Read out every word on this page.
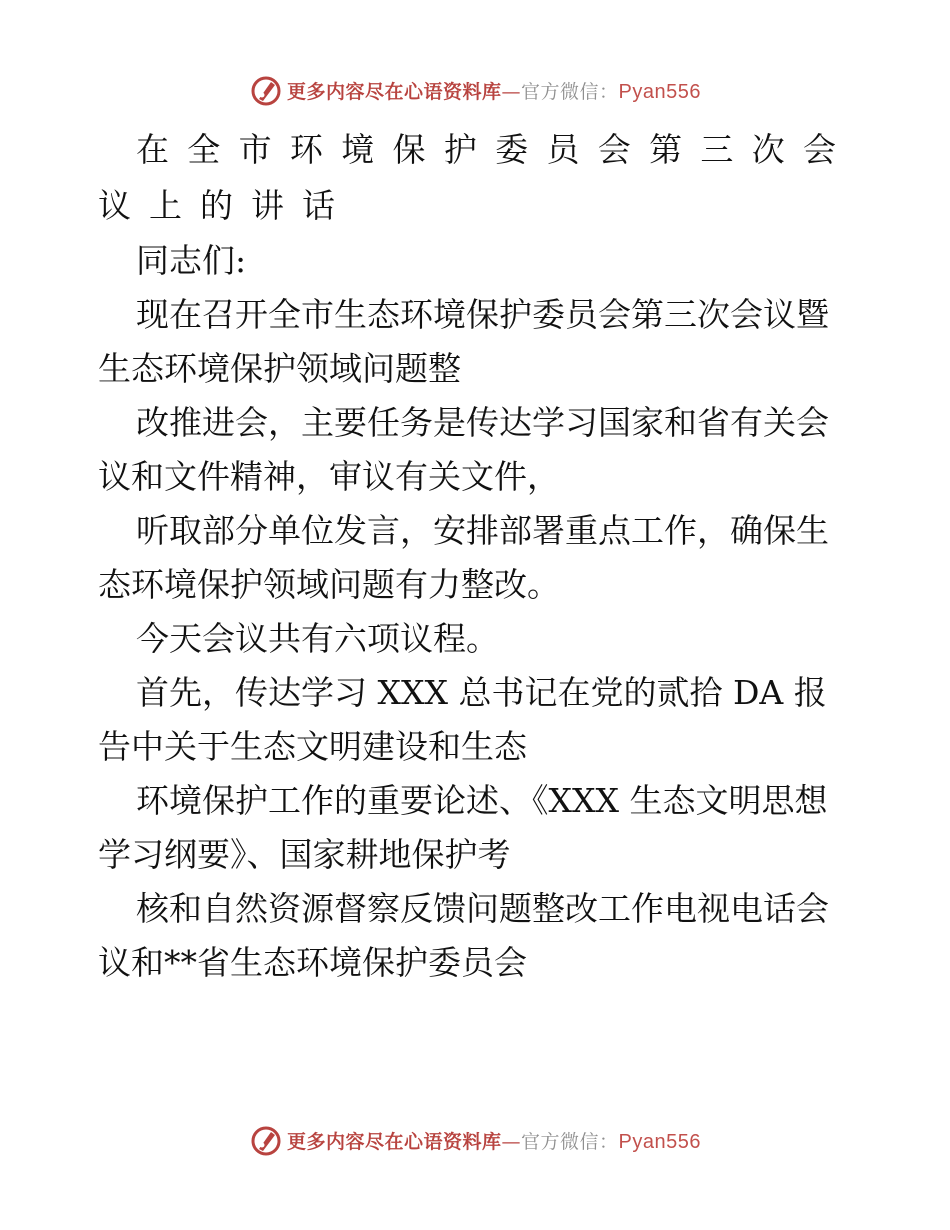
更多内容尽在心语资料库—官方微信：Pyan556

在全市环境保护委员会第三次会议上的讲话

同志们:

现在召开全市生态环境保护委员会第三次会议暨生态环境保护领域问题整

改推进会，主要任务是传达学习国家和省有关会议和文件精神，审议有关文件，

听取部分单位发言，安排部署重点工作，确保生态环境保护领域问题有力整改。

今天会议共有六项议程。

首先，传达学习 XXX 总书记在党的贰拾 DA 报告中关于生态文明建设和生态

环境保护工作的重要论述、《XXX 生态文明思想学习纲要》、国家耕地保护考

核和自然资源督察反馈问题整改工作电视电话会议和**省生态环境保护委员会

更多内容尽在心语资料库—官方微信：Pyan556
